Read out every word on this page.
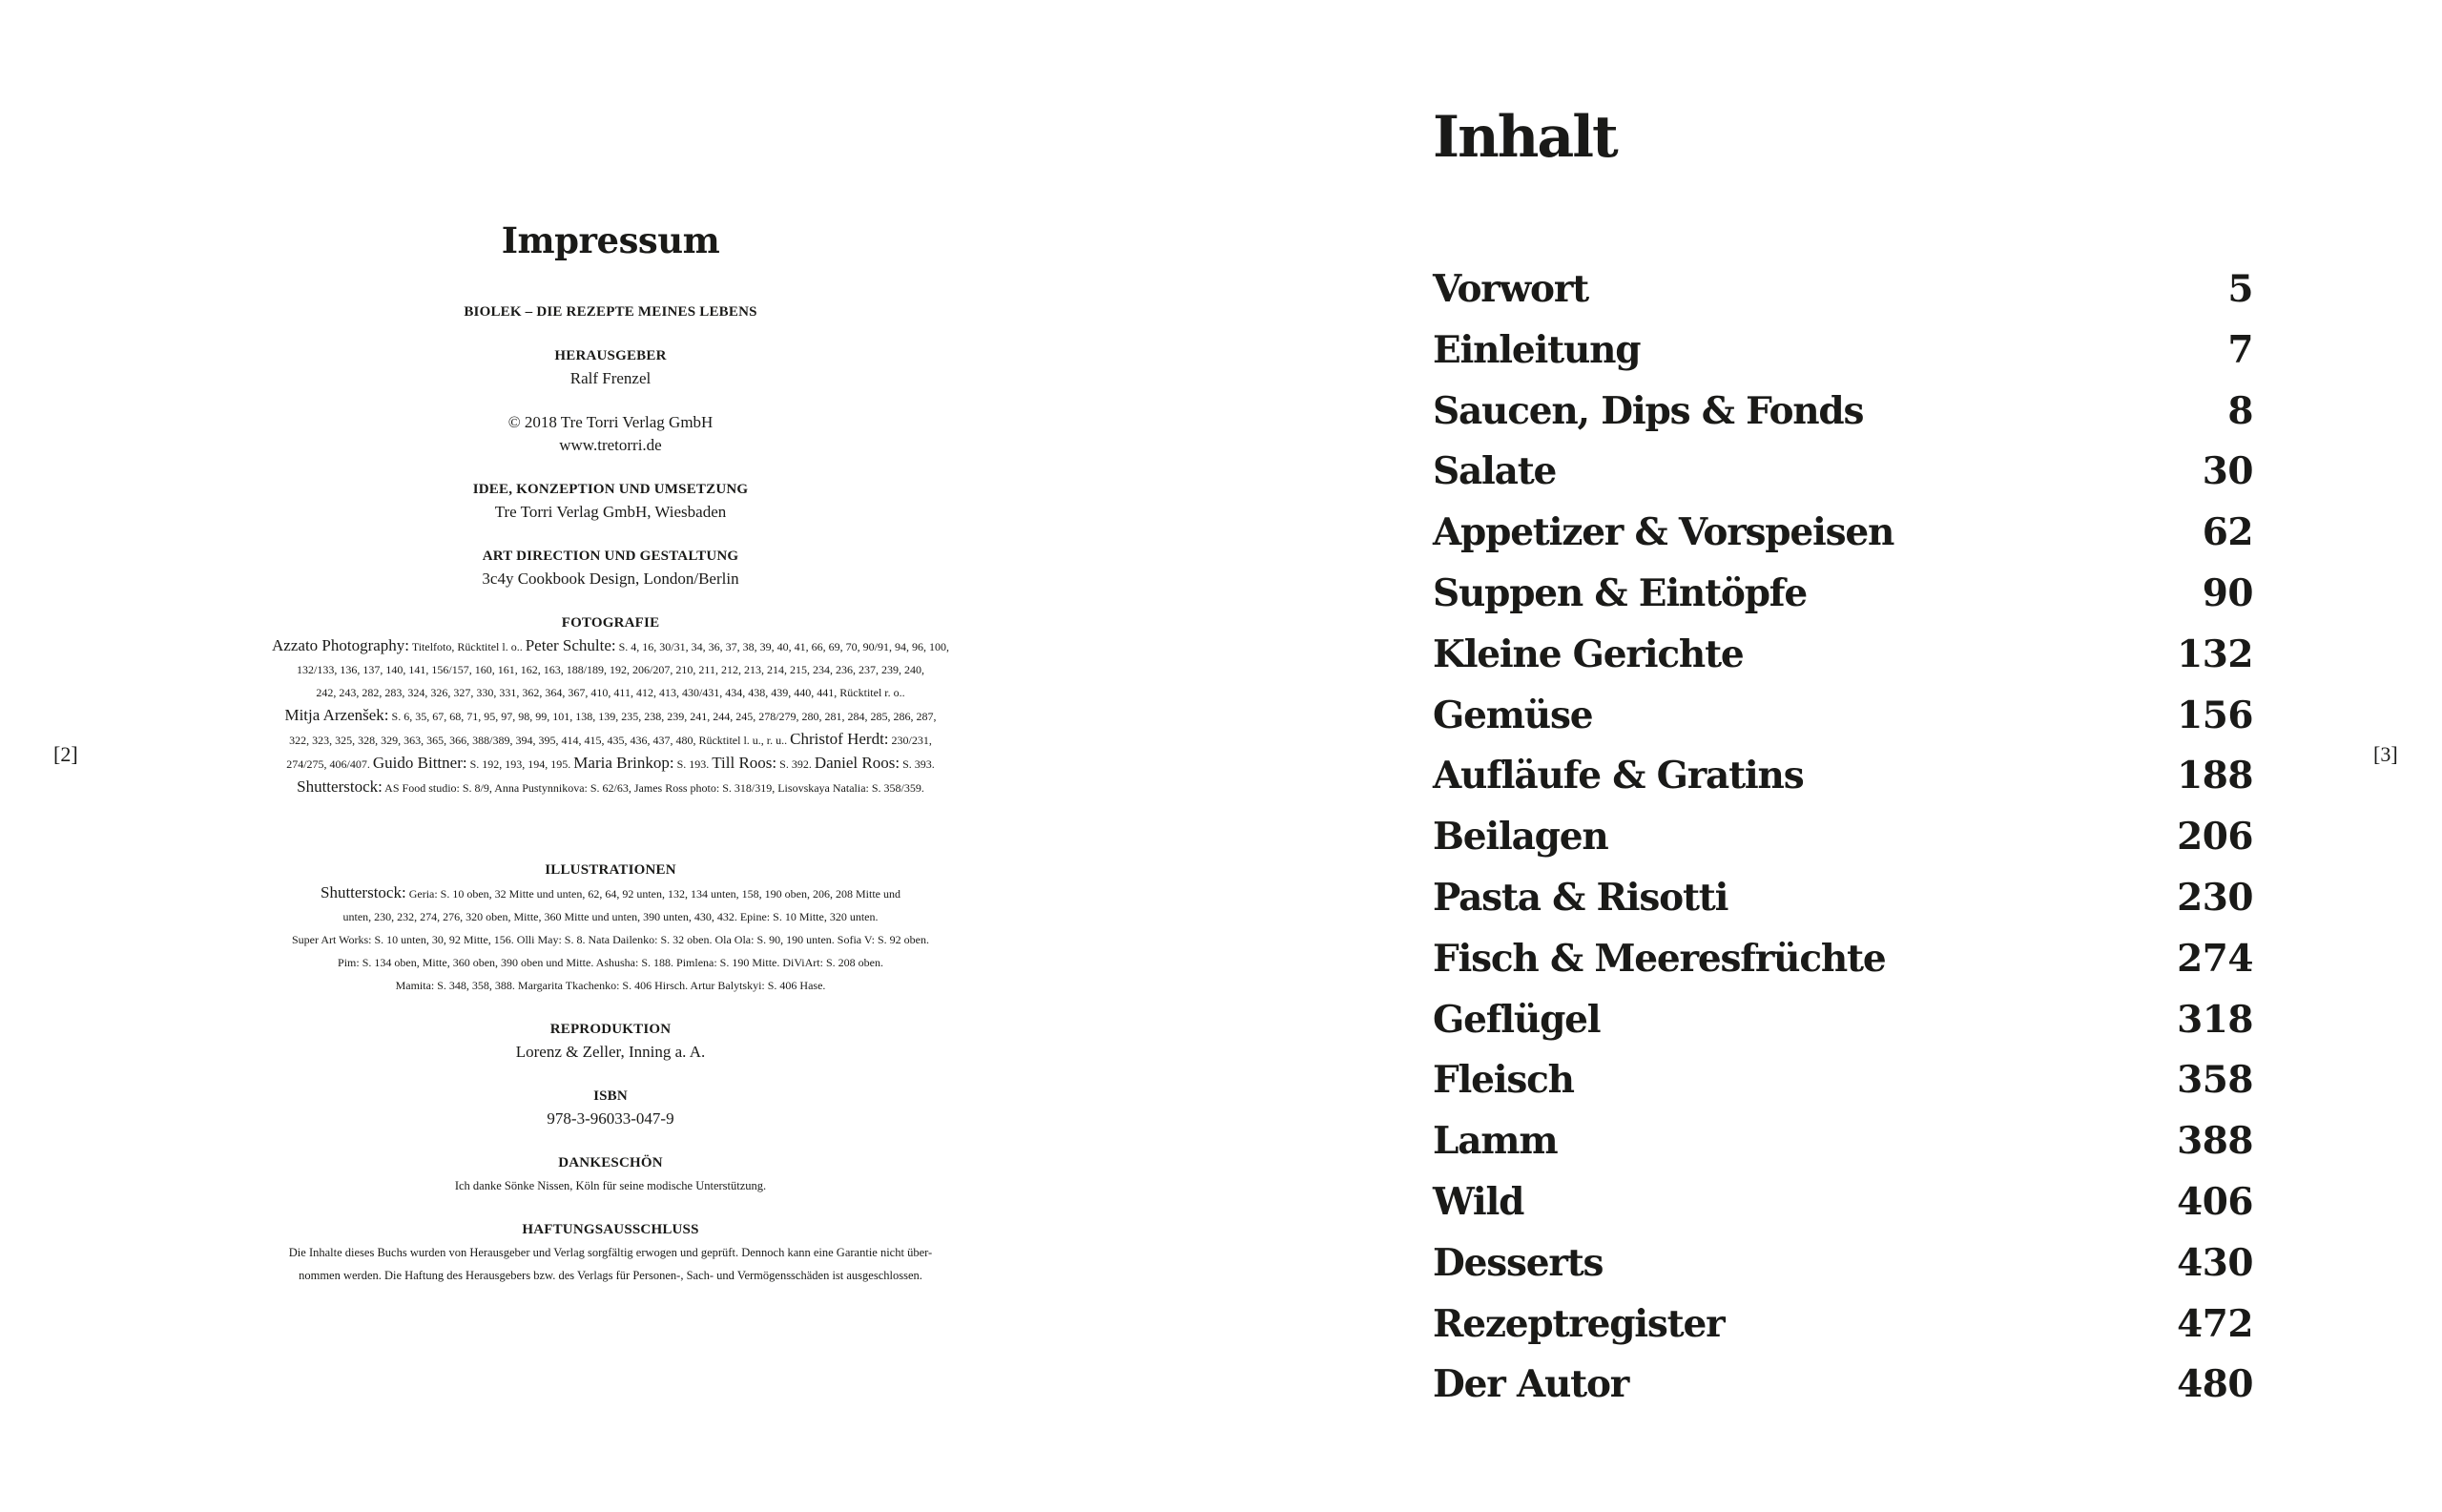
[2]	[3]
Impressum
BIOLEK – DIE REZEPTE MEINES LEBENS
HERAUSGEBER
Ralf Frenzel
© 2018 Tre Torri Verlag GmbH
www.tretorri.de
IDEE, KONZEPTION UND UMSETZUNG
Tre Torri Verlag GmbH, Wiesbaden
ART DIRECTION UND GESTALTUNG
3c4y Cookbook Design, London/Berlin
FOTOGRAFIE
Azzato Photography: Titelfoto, Rücktitel l. o.. Peter Schulte: S. 4, 16, 30/31, 34, 36, 37, 38, 39, 40, 41, 66, 69, 70, 90/91, 94, 96, 100,
132/133, 136, 137, 140, 141, 156/157, 160, 161, 162, 163, 188/189, 192, 206/207, 210, 211, 212, 213, 214, 215, 234, 236, 237, 239, 240,
242, 243, 282, 283, 324, 326, 327, 330, 331, 362, 364, 367, 410, 411, 412, 413, 430/431, 434, 438, 439, 440, 441, Rücktitel r. o..
Mitja Arzenšek: S. 6, 35, 67, 68, 71, 95, 97, 98, 99, 101, 138, 139, 235, 238, 239, 241, 244, 245, 278/279, 280, 281, 284, 285, 286, 287,
322, 323, 325, 328, 329, 363, 365, 366, 388/389, 394, 395, 414, 415, 435, 436, 437, 480, Rücktitel l. u., r. u.. Christof Herdt: 230/231,
274/275, 406/407. Guido Bittner: S. 192, 193, 194, 195. Maria Brinkop: S. 193. Till Roos: S. 392. Daniel Roos: S. 393.
Shutterstock: AS Food studio: S. 8/9, Anna Pustynnikova: S. 62/63, James Ross photo: S. 318/319, Lisovskaya Natalia: S. 358/359.
ILLUSTRATIONEN
Shutterstock: Geria: S. 10 oben, 32 Mitte und unten, 62, 64, 92 unten, 132, 134 unten, 158, 190 oben, 206, 208 Mitte und
unten, 230, 232, 274, 276, 320 oben, Mitte, 360 Mitte und unten, 390 unten, 430, 432. Epine: S. 10 Mitte, 320 unten.
Super Art Works: S. 10 unten, 30, 92 Mitte, 156. Olli May: S. 8. Nata Dailenko: S. 32 oben. Ola Ola: S. 90, 190 unten. Sofia V: S. 92 oben.
Pim: S. 134 oben, Mitte, 360 oben, 390 oben und Mitte. Ashusha: S. 188. Pimlena: S. 190 Mitte. DiViArt: S. 208 oben.
Mamita: S. 348, 358, 388. Margarita Tkachenko: S. 406 Hirsch. Artur Balytskyi: S. 406 Hase.
REPRODUKTION
Lorenz & Zeller, Inning a. A.
ISBN
978-3-96033-047-9
DANKESCHÖN
Ich danke Sönke Nissen, Köln für seine modische Unterstützung.
HAFTUNGSAUSSCHLUSS
Die Inhalte dieses Buchs wurden von Herausgeber und Verlag sorgfältig erwogen und geprüft. Dennoch kann eine Garantie nicht über-
nommen werden. Die Haftung des Herausgebers bzw. des Verlags für Personen-, Sach- und Vermögensschäden ist ausgeschlossen.
Inhalt
Vorwort	5
Einleitung	7
Saucen, Dips & Fonds	8
Salate	30
Appetizer & Vorspeisen	62
Suppen & Eintöpfe	90
Kleine Gerichte	132
Gemüse	156
Aufläufe & Gratins	188
Beilagen	206
Pasta & Risotti	230
Fisch & Meeresfrüchte	274
Geflügel	318
Fleisch	358
Lamm	388
Wild	406
Desserts	430
Rezeptregister	472
Der Autor	480
